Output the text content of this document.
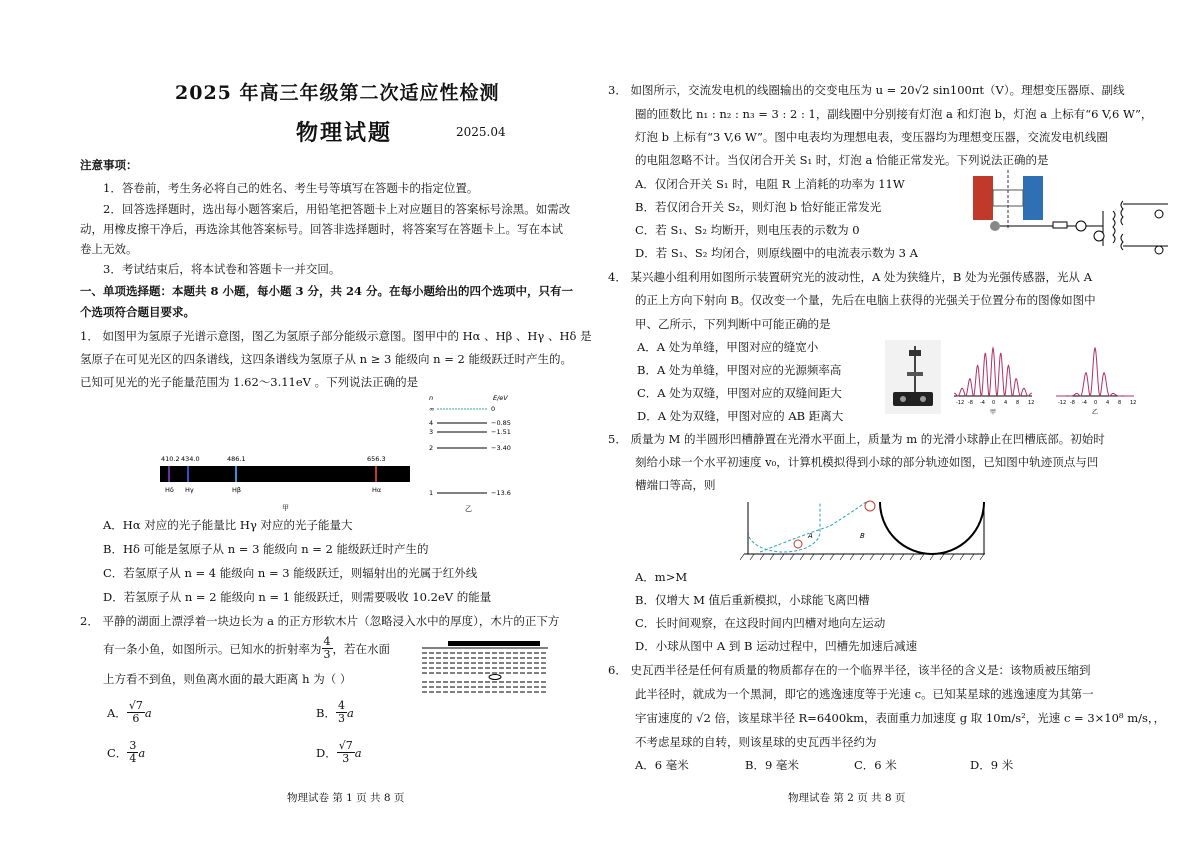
2025 年高三年级第二次适应性检测
物理试题	2025.04
注意事项：
1．答卷前，考生务必将自己的姓名、考生号等填写在答题卡的指定位置。
2．回答选择题时，选出每小题答案后，用铅笔把答题卡上对应题目的答案标号涂黑。如需改
动，用橡皮擦干净后，再选涂其他答案标号。回答非选择题时，将答案写在答题卡上。写在本试
卷上无效。
3．考试结束后，将本试卷和答题卡一并交回。
一、单项选择题：本题共 8 小题，每小题 3 分，共 24 分。在每小题给出的四个选项中，只有一
个选项符合题目要求。
1． 如图甲为氢原子光谱示意图，图乙为氢原子部分能级示意图。图甲中的 Hα 、Hβ 、Hγ 、Hδ 是
氢原子在可见光区的四条谱线，这四条谱线为氢原子从 n ≥ 3 能级向 n = 2 能级跃迁时产生的。
已知可见光的光子能量范围为 1.62～3.11eV 。下列说法正确的是
410.2 434.0	486.1	656.3
Hδ Hγ	Hβ	Hα
甲
n	E/eV
∞	0
4	−0.85
3	−1.51
2	−3.40
1	−13.6
乙
A．Hα 对应的光子能量比 Hγ 对应的光子能量大
B．Hδ 可能是氢原子从 n = 3 能级向 n = 2 能级跃迁时产生的
C．若氢原子从 n = 4 能级向 n = 3 能级跃迁，则辐射出的光属于红外线
D．若氢原子从 n = 2 能级向 n = 1 能级跃迁，则需要吸收 10.2eV 的能量
2． 平静的湖面上漂浮着一块边长为 a 的正方形软木片（忽略浸入水中的厚度），木片的正下方
有一条小鱼，如图所示。已知水的折射率为 $\frac{4}{3}$ ，若在水面
上方看不到鱼，则鱼离水面的最大距离 h 为（ ）
A． $\frac{√7}{6}$ a	B． $\frac{4}{3}$ a
C． $\frac{3}{4}$ a	D． $\frac{√7}{3}$ a
物理试卷 第 1 页 共 8 页
3． 如图所示，交流发电机的线圈输出的交变电压为 u = 20√2 sin100πt（V）。理想变压器原、副线
圈的匝数比 n₁ : n₂ : n₃ = 3 : 2 : 1，副线圈中分别接有灯泡 a 和灯泡 b，灯泡 a 上标有“6 V,6 W”，
灯泡 b 上标有“3 V,6 W”。图中电表均为理想电表，变压器均为理想变压器，交流发电机线圈
的电阻忽略不计。当仅闭合开关 S₁ 时，灯泡 a 恰能正常发光。下列说法正确的是
A．仅闭合开关 S₁ 时，电阻 R 上消耗的功率为 11W
B．若仅闭合开关 S₂，则灯泡 b 恰好能正常发光
C．若 S₁、S₂ 均断开，则电压表的示数为 0
D．若 S₁、S₂ 均闭合，则原线圈中的电流表示数为 3 A
4． 某兴趣小组利用如图所示装置研究光的波动性，A 处为狭缝片，B 处为光强传感器，光从 A
的正上方向下射向 B。仅改变一个量，先后在电脑上获得的光强关于位置分布的图像如图中
甲、乙所示，下列判断中可能正确的是
A．A 处为单缝，甲图对应的缝宽小
B．A 处为单缝，甲图对应的光源频率高
C．A 处为双缝，甲图对应的双缝间距大
D．A 处为双缝，甲图对应的 AB 距离大
-12 -8 -4 0 4 8 12
甲
-12 -8 -4 0 4 8 12
乙
5． 质量为 M 的半圆形凹槽静置在光滑水平面上，质量为 m 的光滑小球静止在凹槽底部。初始时
刻给小球一个水平初速度 v₀，计算机模拟得到小球的部分轨迹如图，已知图中轨迹顶点与凹
槽端口等高，则
A	B
A．m>M
B．仅增大 M 值后重新模拟，小球能飞离凹槽
C．长时间观察，在这段时间内凹槽对地向左运动
D．小球从图中 A 到 B 运动过程中，凹槽先加速后减速
6． 史瓦西半径是任何有质量的物质都存在的一个临界半径，该半径的含义是：该物质被压缩到
此半径时，就成为一个黑洞，即它的逃逸速度等于光速 c。已知某星球的逃逸速度为其第一
宇宙速度的 √2 倍，该星球半径 R=6400km，表面重力加速度 g 取 10m/s²，光速 c = 3×10⁸ m/s，，
不考虑星球的自转，则该星球的史瓦西半径约为
A．6 毫米	B．9 毫米	C．6 米	D．9 米
物理试卷 第 2 页 共 8 页
